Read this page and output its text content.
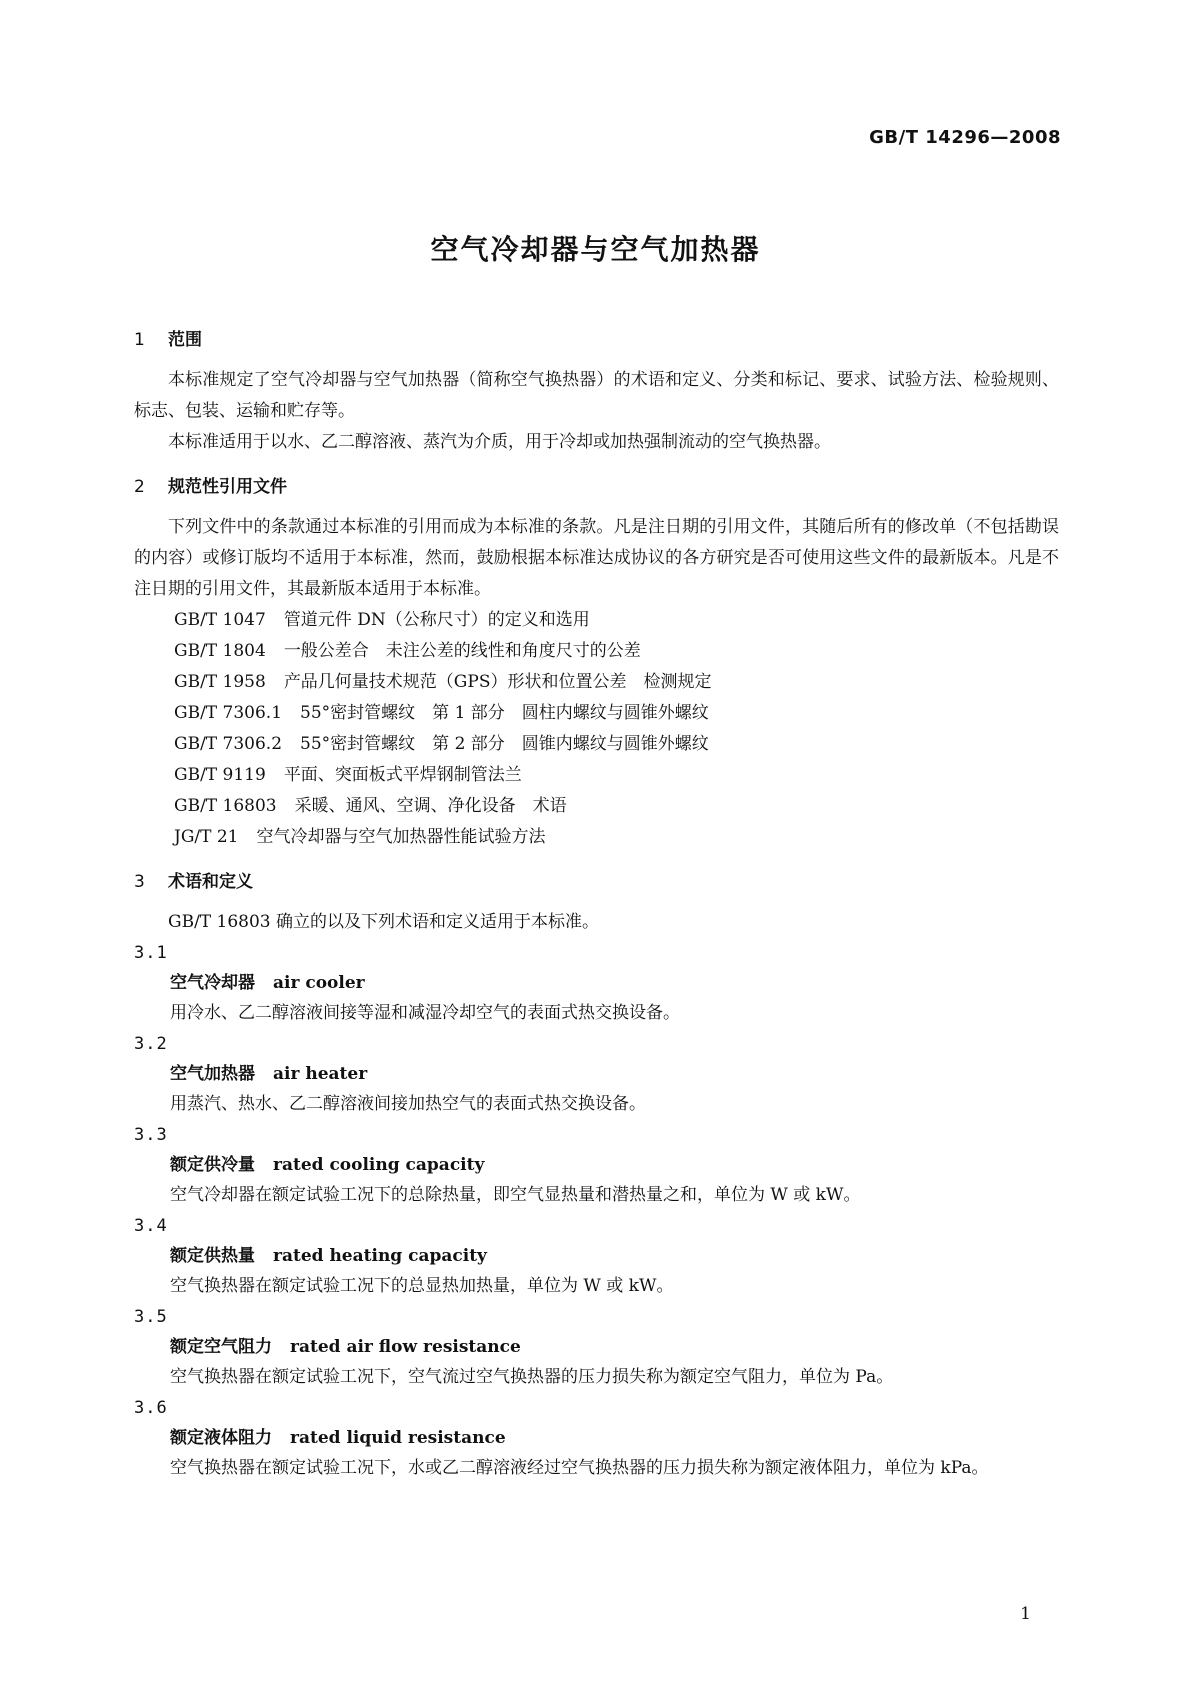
GB/T 14296—2008
空气冷却器与空气加热器
1 范围

本标准规定了空气冷却器与空气加热器（简称空气换热器）的术语和定义、分类和标记、要求、试验方法、检验规则、标志、包装、运输和贮存等。

本标准适用于以水、乙二醇溶液、蒸汽为介质，用于冷却或加热强制流动的空气换热器。

2 规范性引用文件

下列文件中的条款通过本标准的引用而成为本标准的条款。凡是注日期的引用文件，其随后所有的修改单（不包括勘误的内容）或修订版均不适用于本标准，然而，鼓励根据本标准达成协议的各方研究是否可使用这些文件的最新版本。凡是不注日期的引用文件，其最新版本适用于本标准。

GB/T 1047 管道元件 DN（公称尺寸）的定义和选用
GB/T 1804 一般公差合　未注公差的线性和角度尺寸的公差
GB/T 1958 产品几何量技术规范（GPS）形状和位置公差　检测规定
GB/T 7306.1 55°密封管螺纹　第 1 部分　圆柱内螺纹与圆锥外螺纹
GB/T 7306.2 55°密封管螺纹　第 2 部分　圆锥内螺纹与圆锥外螺纹
GB/T 9119 平面、突面板式平焊钢制管法兰
GB/T 16803 采暖、通风、空调、净化设备　术语
JG/T 21 空气冷却器与空气加热器性能试验方法
3 术语和定义

GB/T 16803 确立的以及下列术语和定义适用于本标准。

3.1
空气冷却器 air cooler
用冷水、乙二醇溶液间接等湿和减湿冷却空气的表面式热交换设备。
3.2
空气加热器 air heater
用蒸汽、热水、乙二醇溶液间接加热空气的表面式热交换设备。
3.3
额定供冷量 rated cooling capacity
空气冷却器在额定试验工况下的总除热量，即空气显热量和潜热量之和，单位为 W 或 kW。
3.4
额定供热量 rated heating capacity
空气换热器在额定试验工况下的总显热加热量，单位为 W 或 kW。
3.5
额定空气阻力 rated air flow resistance
空气换热器在额定试验工况下，空气流过空气换热器的压力损失称为额定空气阻力，单位为 Pa。
3.6
额定液体阻力 rated liquid resistance
空气换热器在额定试验工况下，水或乙二醇溶液经过空气换热器的压力损失称为额定液体阻力，单位为 kPa。
1
